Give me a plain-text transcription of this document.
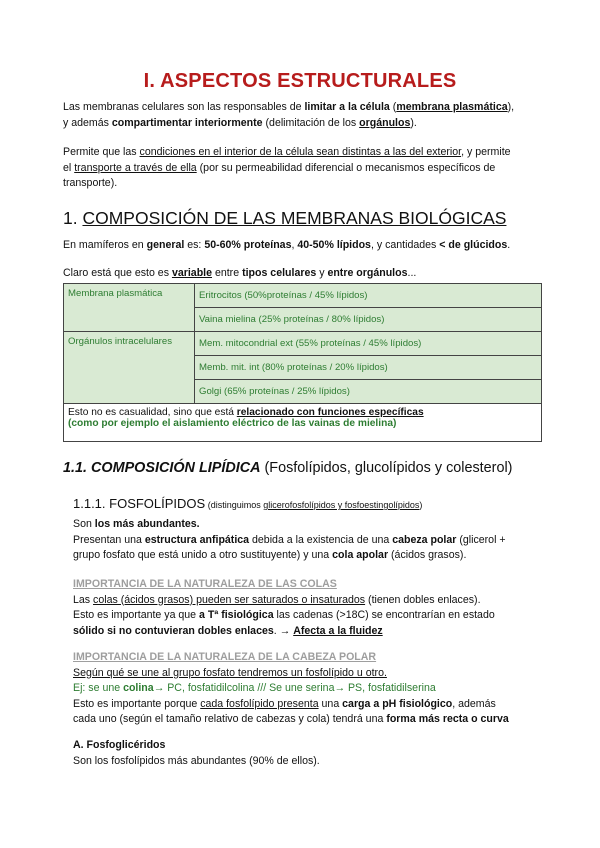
I. ASPECTOS ESTRUCTURALES
Las membranas celulares son las responsables de limitar a la célula (membrana plasmática),
y además compartimentar interiormente (delimitación de los orgánulos).
Permite que las condiciones en el interior de la célula sean distintas a las del exterior, y permite
el transporte a través de ella (por su permeabilidad diferencial o mecanismos específicos de
transporte).
1. COMPOSICIÓN DE LAS MEMBRANAS BIOLÓGICAS
En mamíferos en general es: 50-60% proteínas, 40-50% lípidos, y cantidades < de glúcidos.
Claro está que esto es variable entre tipos celulares y entre orgánulos...
Membrana plasmática	Eritrocitos (50%proteínas / 45% lípidos)
	Vaina mielina (25% proteínas / 80% lípidos)
Orgánulos intracelulares	Mem. mitocondrial ext (55% proteínas / 45% lípidos)
	Memb. mit. int (80% proteínas / 20% lípidos)
	Golgi (65% proteínas / 25% lípidos)
Esto no es casualidad, sino que está relacionado con funciones específicas
(como por ejemplo el aislamiento eléctrico de las vainas de mielina)	
1.1. COMPOSICIÓN LIPÍDICA (Fosfolípidos, glucolípidos y colesterol)
1.1.1. FOSFOLÍPIDOS (distinguimos glicerofosfolípidos y fosfoestingolípidos)
Son los más abundantes.
Presentan una estructura anfipática debida a la existencia de una cabeza polar (glicerol +
grupo fosfato que está unido a otro sustituyente) y una cola apolar (ácidos grasos).
IMPORTANCIA DE LA NATURALEZA DE LAS COLAS
Las colas (ácidos grasos) pueden ser saturados o insaturados (tienen dobles enlaces).
Esto es importante ya que a Tª fisiológica las cadenas (>18C) se encontrarían en estado
sólido si no contuvieran dobles enlaces. → Afecta a la fluidez
IMPORTANCIA DE LA NATURALEZA DE LA CABEZA POLAR
Según qué se une al grupo fosfato tendremos un fosfolípido u otro.
Ej: se une colina→ PC, fosfatidilcolina /// Se une serina→ PS, fosfatidilserina
Esto es importante porque cada fosfolípido presenta una carga a pH fisiológico, además
cada uno (según el tamaño relativo de cabezas y cola) tendrá una forma más recta o curva
A. Fosfoglicéridos
Son los fosfolípidos más abundantes (90% de ellos).
